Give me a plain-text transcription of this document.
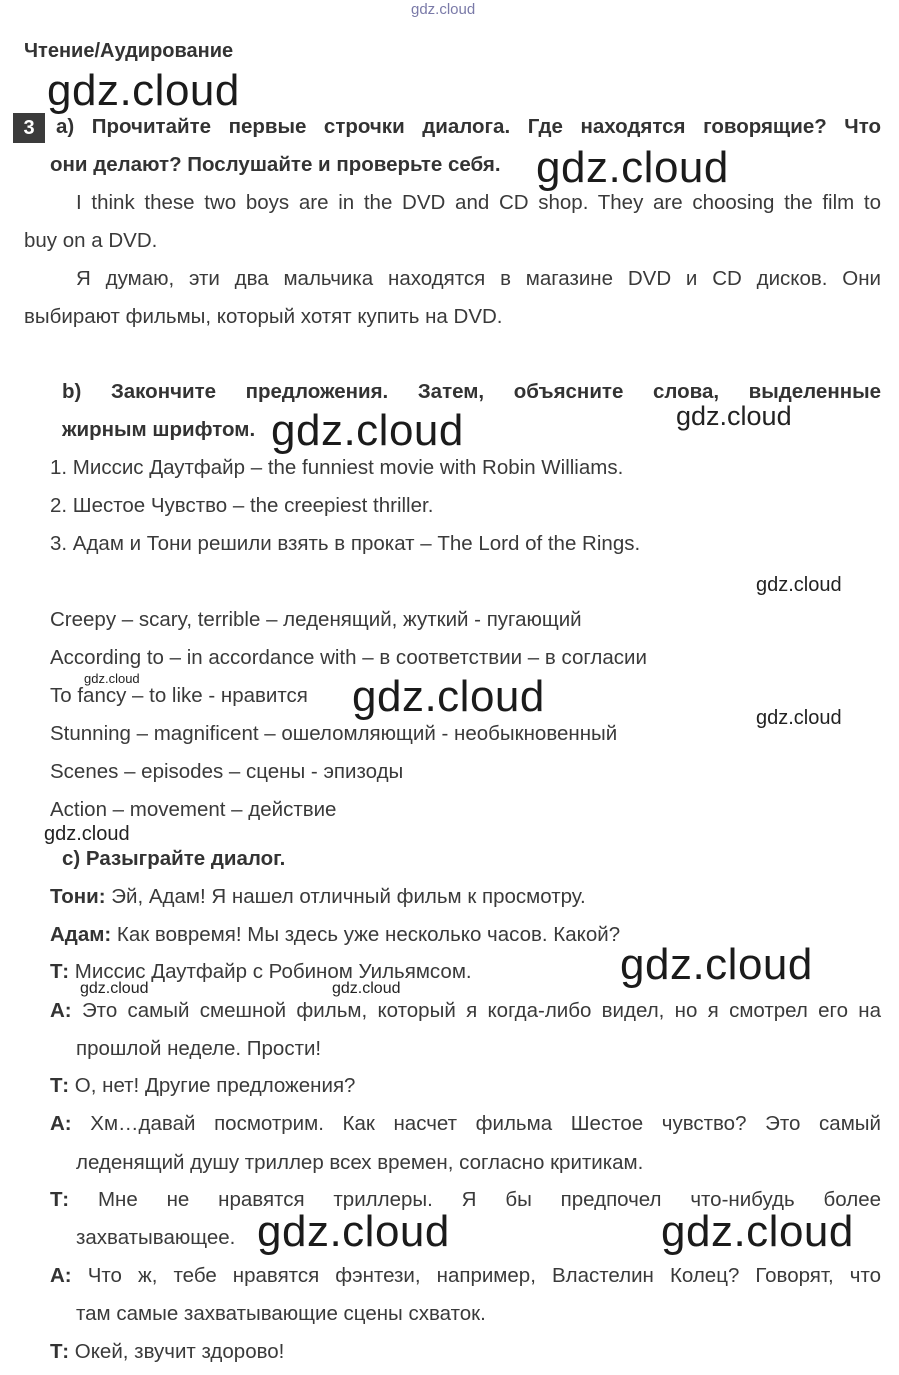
gdz.cloud
gdz.cloud
gdz.cloud
gdz.cloud	gdz.cloud
gdz.cloud
gdz.cloud	gdz.cloud	gdz.cloud
gdz.cloud
gdz.cloud
gdz.cloud	gdz.cloud
gdz.cloud	gdz.cloud
Чтение/Аудирование
3	a) Прочитайте первые строчки диалога. Где находятся говорящие? Что
они делают? Послушайте и проверьте себя.
I think these two boys are in the DVD and CD shop. They are choosing the film to
buy on a DVD.
Я думаю, эти два мальчика находятся в магазине DVD и CD дисков. Они
выбирают фильмы, который хотят купить на DVD.
b) Закончите предложения. Затем, объясните слова, выделенные
жирным шрифтом.
1. Миссис Даутфайр – the funniest movie with Robin Williams.
2. Шестое Чувство – the creepiest thriller.
3. Адам и Тони решили взять в прокат – The Lord of the Rings.
Creepy – scary, terrible – леденящий, жуткий - пугающий
According to – in accordance with – в соответствии – в согласии
To fancy – to like - нравится
Stunning – magnificent – ошеломляющий - необыкновенный
Scenes – episodes – сцены - эпизоды
Action – movement – действие
c) Разыграйте диалог.
Тони: Эй, Адам! Я нашел отличный фильм к просмотру.
Адам: Как вовремя! Мы здесь уже несколько часов. Какой?
Т: Миссис Даутфайр с Робином Уильямсом.
А: Это самый смешной фильм, который я когда-либо видел, но я смотрел его на
прошлой неделе. Прости!
Т: О, нет! Другие предложения?
А: Хм…давай посмотрим. Как насчет фильма Шестое чувство? Это самый
леденящий душу триллер всех времен, согласно критикам.
Т: Мне не нравятся триллеры. Я бы предпочел что-нибудь более
захватывающее.
А: Что ж, тебе нравятся фэнтези, например, Властелин Колец? Говорят, что
там самые захватывающие сцены схваток.
Т: Окей, звучит здорово!
